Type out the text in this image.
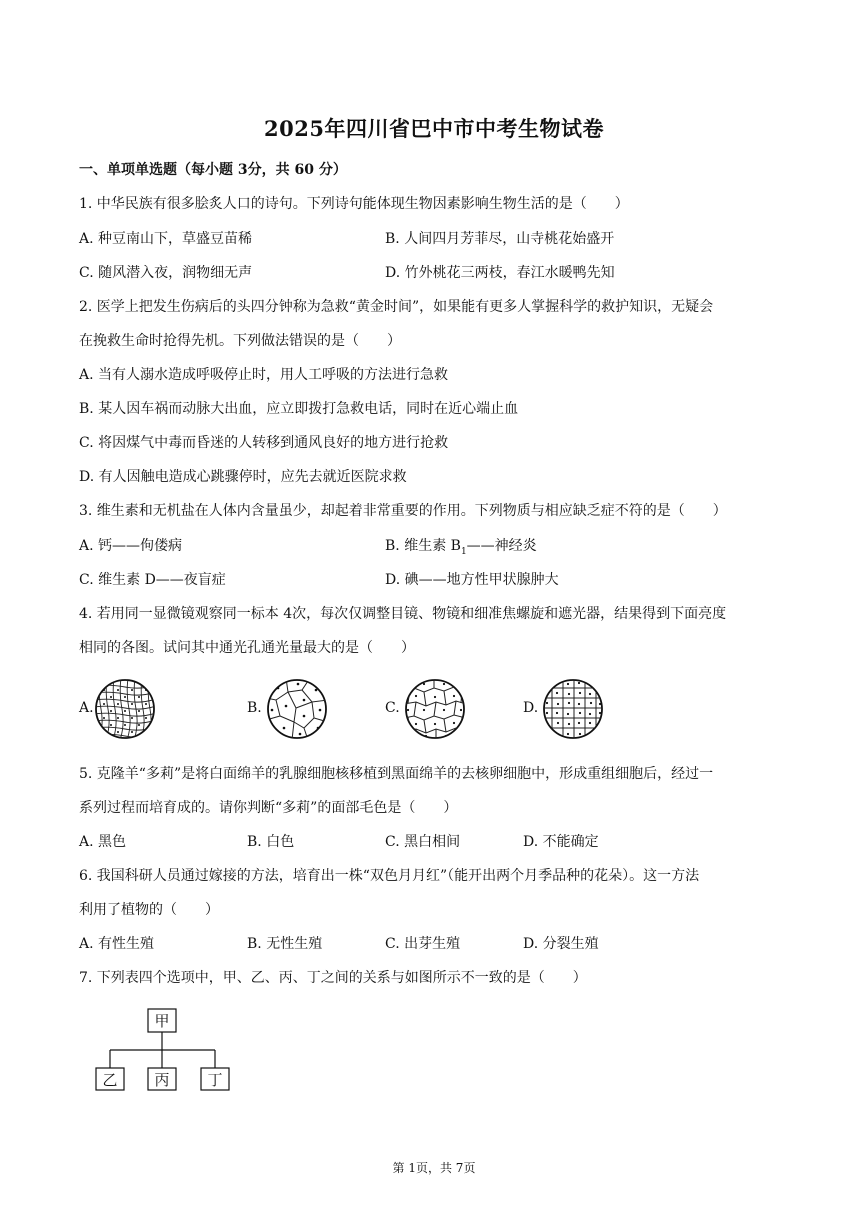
2025年四川省巴中市中考生物试卷
一、单项单选题（每小题 3分，共 60 分）
1. 中华民族有很多脍炙人口的诗句。下列诗句能体现生物因素影响生物生活的是（　　）
A. 种豆南山下，草盛豆苗稀	B. 人间四月芳菲尽，山寺桃花始盛开
C. 随风潜入夜，润物细无声	D. 竹外桃花三两枝，春江水暖鸭先知
2. 医学上把发生伤病后的头四分钟称为急救“黄金时间”，如果能有更多人掌握科学的救护知识，无疑会
在挽救生命时抢得先机。下列做法错误的是（　　）
A. 当有人溺水造成呼吸停止时，用人工呼吸的方法进行急救
B. 某人因车祸而动脉大出血，应立即拨打急救电话，同时在近心端止血
C. 将因煤气中毒而昏迷的人转移到通风良好的地方进行抢救
D. 有人因触电造成心跳骤停时，应先去就近医院求救
3. 维生素和无机盐在人体内含量虽少，却起着非常重要的作用。下列物质与相应缺乏症不符的是（　　）
A. 钙——佝偻病	B. 维生素 $B_1——$神经炎
C. 维生素 D——夜盲症	D. 碘——地方性甲状腺肿大
4. 若用同一显微镜观察同一标本 4次，每次仅调整目镜、物镜和细准焦螺旋和遮光器，结果得到下面亮度
相同的各图。试问其中通光孔通光量最大的是（　　）
A.	B.	C.	D.
5. 克隆羊“多莉”是将白面绵羊的乳腺细胞核移植到黑面绵羊的去核卵细胞中，形成重组细胞后，经过一
系列过程而培育成的。请你判断“多莉”的面部毛色是（　　）
A. 黑色	B. 白色	C. 黑白相间	D. 不能确定
6. 我国科研人员通过嫁接的方法，培育出一株“双色月月红”（能开出两个月季品种的花朵）。这一方法
利用了植物的（　　）
A. 有性生殖	B. 无性生殖	C. 出芽生殖	D. 分裂生殖
7. 下列表四个选项中，甲、乙、丙、丁之间的关系与如图所示不一致的是（　　）
甲
乙 丙	丁
第 1页，共 7页
